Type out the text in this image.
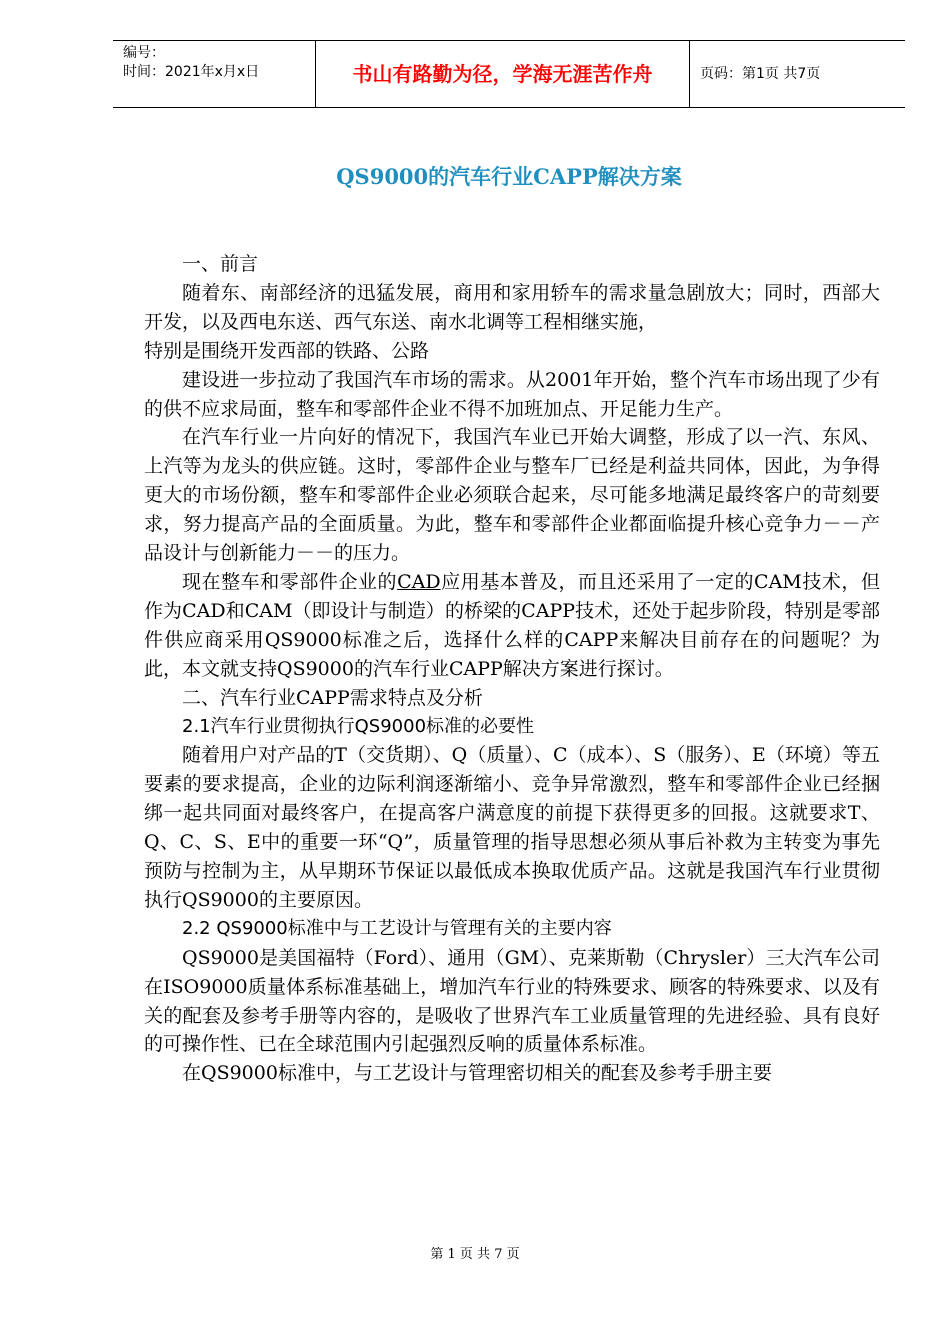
编号：
时间：2021年x月x日	书山有路勤为径，学海无涯苦作舟	页码：第1页 共7页
QS9000的汽车行业CAPP解决方案

一、前言

随着东、南部经济的迅猛发展，商用和家用轿车的需求量急剧放大；同时，西部大开发，以及西电东送、西气东送、南水北调等工程相继实施，

特别是围绕开发西部的铁路、公路

建设进一步拉动了我国汽车市场的需求。从2001年开始，整个汽车市场出现了少有的供不应求局面，整车和零部件企业不得不加班加点、开足能力生产。

在汽车行业一片向好的情况下，我国汽车业已开始大调整，形成了以一汽、东风、上汽等为龙头的供应链。这时，零部件企业与整车厂已经是利益共同体，因此，为争得更大的市场份额，整车和零部件企业必须联合起来，尽可能多地满足最终客户的苛刻要求，努力提高产品的全面质量。为此，整车和零部件企业都面临提升核心竞争力－－产品设计与创新能力－－的压力。

现在整车和零部件企业的CAD应用基本普及，而且还采用了一定的CAM技术，但作为CAD和CAM（即设计与制造）的桥梁的CAPP技术，还处于起步阶段，特别是零部件供应商采用QS9000标准之后，选择什么样的CAPP来解决目前存在的问题呢？为此，本文就支持QS9000的汽车行业CAPP解决方案进行探讨。

二、汽车行业CAPP需求特点及分析

2.1汽车行业贯彻执行QS9000标准的必要性

随着用户对产品的T（交货期）、Q（质量）、C（成本）、S（服务）、E（环境）等五要素的要求提高，企业的边际利润逐渐缩小、竞争异常激烈，整车和零部件企业已经捆绑一起共同面对最终客户，在提高客户满意度的前提下获得更多的回报。这就要求T、Q、C、S、E中的重要一环“Q”，质量管理的指导思想必须从事后补救为主转变为事先预防与控制为主，从早期环节保证以最低成本换取优质产品。这就是我国汽车行业贯彻执行QS9000的主要原因。

2.2 QS9000标准中与工艺设计与管理有关的主要内容

QS9000是美国福特（Ford）、通用（GM）、克莱斯勒（Chrysler）三大汽车公司在ISO9000质量体系标准基础上，增加汽车行业的特殊要求、顾客的特殊要求、以及有关的配套及参考手册等内容的，是吸收了世界汽车工业质量管理的先进经验、具有良好的可操作性、已在全球范围内引起强烈反响的质量体系标准。

在QS9000标准中，与工艺设计与管理密切相关的配套及参考手册主要

第 1 页 共 7 页
